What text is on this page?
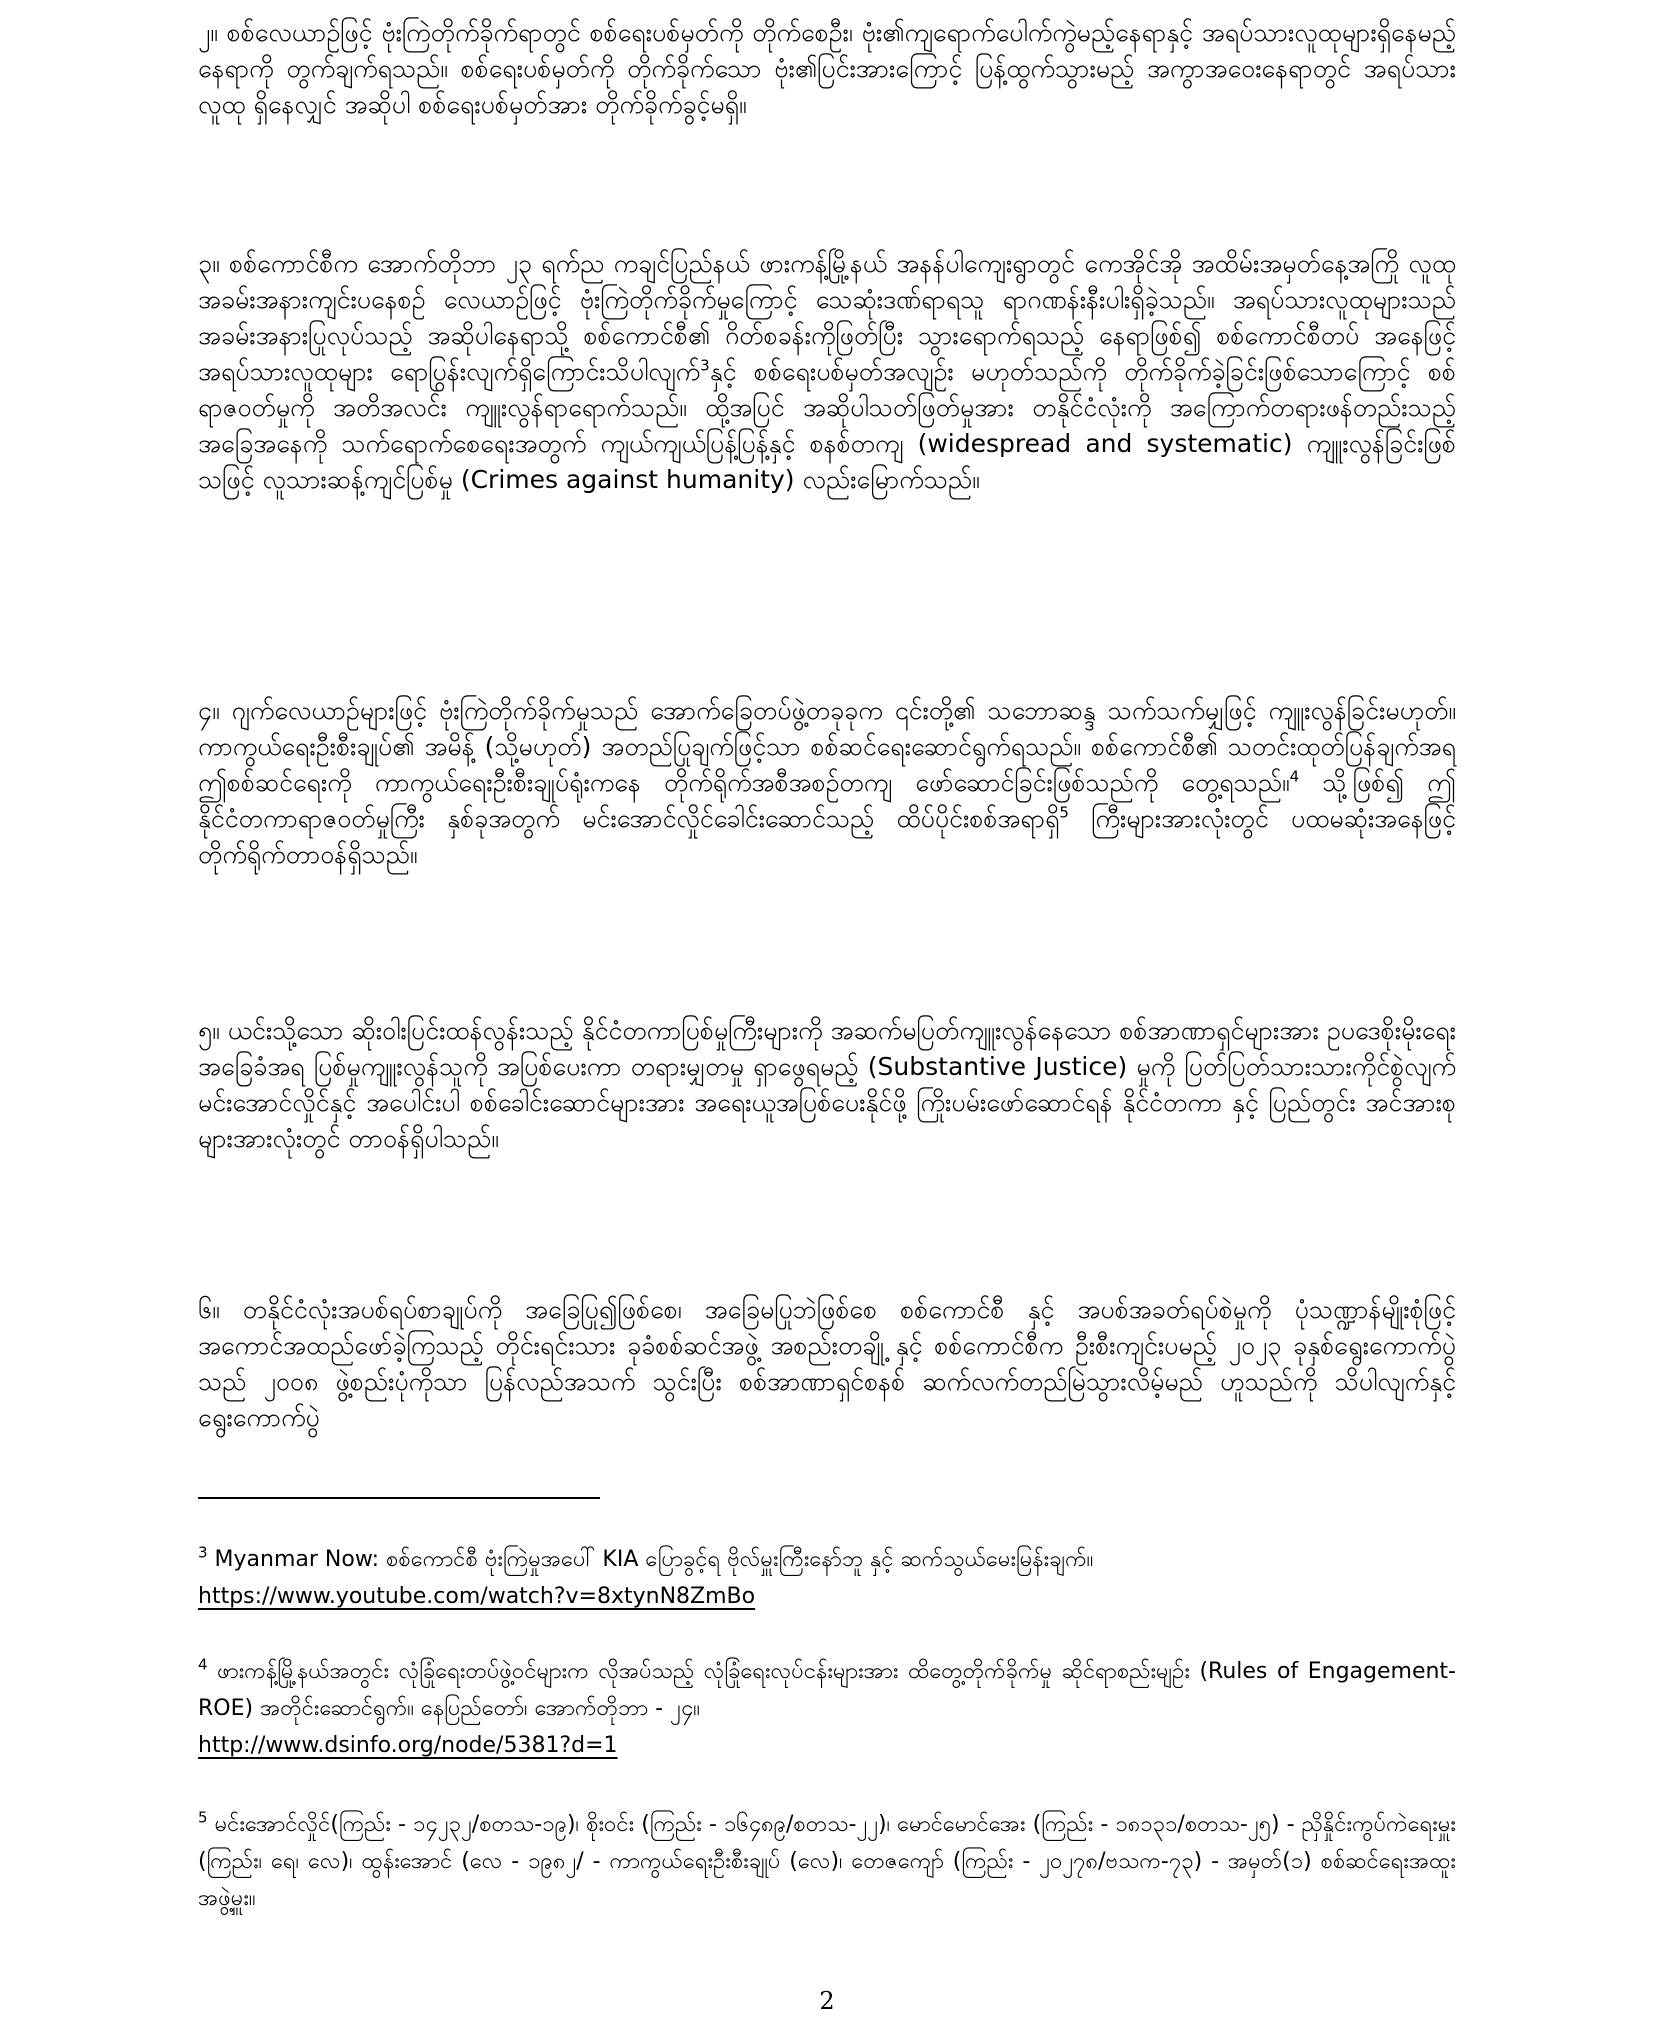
၂။ စစ်လေယာဉ်ဖြင့် ဗုံးကြဲတိုက်ခိုက်ရာတွင် စစ်ရေးပစ်မှတ်ကို တိုက်စေဦး၊ ဗုံး၏ကျရောက်ပေါက်ကွဲမည့်နေရာနှင့် အရပ်သားလူထုများရှိနေမည့်နေရာကို တွက်ချက်ရသည်။ စစ်ရေးပစ်မှတ်ကို တိုက်ခိုက်သော ဗုံး၏ပြင်းအားကြောင့် ပြန့်ထွက်သွားမည့် အကွာအဝေးနေရာတွင် အရပ်သားလူထု ရှိနေလျှင် အဆိုပါ စစ်ရေးပစ်မှတ်အား တိုက်ခိုက်ခွင့်မရှိ။

၃။ စစ်ကောင်စီက အောက်တိုဘာ ၂၃ ရက်ည ကချင်ပြည်နယ် ဖားကန့်မြို့နယ် အနန်ပါကျေးရွာတွင် ကေအိုင်အို အထိမ်းအမှတ်နေ့အကြို လူထုအခမ်းအနားကျင်းပနေစဉ် လေယာဉ်ဖြင့် ဗုံးကြဲတိုက်ခိုက်မှုကြောင့် သေဆုံးဒဏ်ရာရသူ ရာဂဏန်းနီးပါးရှိခဲ့သည်။ အရပ်သားလူထုများသည် အခမ်းအနားပြုလုပ်သည့် အဆိုပါနေရာသို့ စစ်ကောင်စီ၏ ဂိတ်စခန်းကိုဖြတ်ပြီး သွားရောက်ရသည့် နေရာဖြစ်၍ စစ်ကောင်စီတပ် အနေဖြင့် အရပ်သားလူထုများ ရောပြွန်းလျက်ရှိကြောင်းသိပါလျက်$^3$နှင့် စစ်ရေးပစ်မှတ်အလျဉ်း မဟုတ်သည်ကို တိုက်ခိုက်ခဲ့ခြင်းဖြစ်သောကြောင့် စစ်ရာဇဝတ်မှုကို အတိအလင်း ကျူးလွန်ရာရောက်သည်။ ထို့အပြင် အဆိုပါသတ်ဖြတ်မှုအား တနိုင်ငံလုံးကို အကြောက်တရားဖန်တည်းသည့်အခြေအနေကို သက်ရောက်စေရေးအတွက် ကျယ်ကျယ်ပြန့်ပြန့်နှင့် စနစ်တကျ (widespread and systematic) ကျူးလွန်ခြင်းဖြစ်သဖြင့် လူသားဆန့်ကျင်ပြစ်မှု (Crimes against humanity) လည်းမြောက်သည်။

၄။ ဂျက်လေယာဉ်များဖြင့် ဗုံးကြဲတိုက်ခိုက်မှုသည် အောက်ခြေတပ်ဖွဲ့တခုခုက ၎င်းတို့၏ သဘောဆန္ဒ သက်သက်မျှဖြင့် ကျူးလွန်ခြင်းမဟုတ်။ ကာကွယ်ရေးဦးစီးချုပ်၏ အမိန့် (သို့မဟုတ်) အတည်ပြုချက်ဖြင့်သာ စစ်ဆင်ရေးဆောင်ရွက်ရသည်။ စစ်ကောင်စီ၏ သတင်းထုတ်ပြန်ချက်အရ ဤစစ်ဆင်ရေးကို ကာကွယ်ရေးဦးစီးချုပ်ရုံးကနေ တိုက်ရိုက်အစီအစဉ်တကျ ဖော်ဆောင်ခြင်းဖြစ်သည်ကို တွေ့ရသည်။$^4$ သို့ဖြစ်၍ ဤနိုင်ငံတကာရာဇဝတ်မှုကြီး နှစ်ခုအတွက် မင်းအောင်လှိုင်ခေါင်းဆောင်သည့် ထိပ်ပိုင်းစစ်အရာရှိ$^5$ ကြီးများအားလုံးတွင် ပထမဆုံးအနေဖြင့် တိုက်ရိုက်တာဝန်ရှိသည်။

၅။ ယင်းသို့သော ဆိုးဝါးပြင်းထန်လွန်းသည့် နိုင်ငံတကာပြစ်မှုကြီးများကို အဆက်မပြတ်ကျူးလွန်နေသော စစ်အာဏာရှင်များအား ဥပဒေစိုးမိုးရေးအခြေခံအရ ပြစ်မှုကျူးလွန်သူကို အပြစ်ပေးကာ တရားမျှတမှု ရှာဖွေရမည့် (Substantive Justice) မှုကို ပြတ်ပြတ်သားသားကိုင်စွဲလျက် မင်းအောင်လှိုင်နှင့် အပေါင်းပါ စစ်ခေါင်းဆောင်များအား အရေးယူအပြစ်ပေးနိုင်ဖို့ ကြိုးပမ်းဖော်ဆောင်ရန် နိုင်ငံတကာ နှင့် ပြည်တွင်း အင်အားစုများအားလုံးတွင် တာဝန်ရှိပါသည်။

၆။ တနိုင်ငံလုံးအပစ်ရပ်စာချုပ်ကို အခြေပြု၍ဖြစ်စေ၊ အခြေမပြုဘဲဖြစ်စေ စစ်ကောင်စီ နှင့် အပစ်အခတ်ရပ်စဲမှုကို ပုံသဏ္ဍာန်မျိုးစုံဖြင့် အကောင်အထည်ဖော်ခဲ့ကြသည့် တိုင်းရင်းသား ခုခံစစ်ဆင်အဖွဲ့ အစည်းတချို့ နှင့် စစ်ကောင်စီက ဦးစီးကျင်းပမည့် ၂၀၂၃ ခုနှစ်ရွေးကောက်ပွဲသည် ၂၀၀၈ ဖွဲ့စည်းပုံကိုသာ ပြန်လည်အသက် သွင်းပြီး စစ်အာဏာရှင်စနစ် ဆက်လက်တည်မြဲသွားလိမ့်မည် ဟူသည်ကို သိပါလျက်နှင့် ရွေးကောက်ပွဲ

$^3$ Myanmar Now: စစ်ကောင်စီ ဗုံးကြဲမှုအပေါ် KIA ပြောခွင့်ရ ဗိုလ်မှူးကြီးနော်ဘူ နှင့် ဆက်သွယ်မေးမြန်းချက်။
https://www.youtube.com/watch?v=8xtynN8ZmBo

$^4$ ဖားကန့်မြို့နယ်အတွင်း လုံခြုံရေးတပ်ဖွဲ့ဝင်များက လိုအပ်သည့် လုံခြုံရေးလုပ်ငန်းများအား ထိတွေ့တိုက်ခိုက်မှု ဆိုင်ရာစည်းမျဉ်း (Rules of Engagement-ROE) အတိုင်းဆောင်ရွက်။ နေပြည်တော်၊ အောက်တိုဘာ - ၂၄။
http://www.dsinfo.org/node/5381?d=1

$^5$ မင်းအောင်လှိုင်(ကြည်း - ၁၄၂၃၂/စတသ-၁၉)၊ စိုးဝင်း (ကြည်း - ၁၆၄၈၉/စတသ-၂၂)၊ မောင်မောင်အေး (ကြည်း - ၁၈၁၃၁/စတသ-၂၅) - ညှိနှိုင်းကွပ်ကဲရေးမှူး (ကြည်း၊ ရေ၊ လေ)၊ ထွန်းအောင် (လေ - ၁၉၈၂/ - ကာကွယ်ရေးဦးစီးချုပ် (လေ)၊ တေဇကျော် (ကြည်း - ၂၀၂၇၈/ဗသက-၇၃) - အမှတ်(၁) စစ်ဆင်ရေးအထူးအဖွဲ့မှူး။

2
